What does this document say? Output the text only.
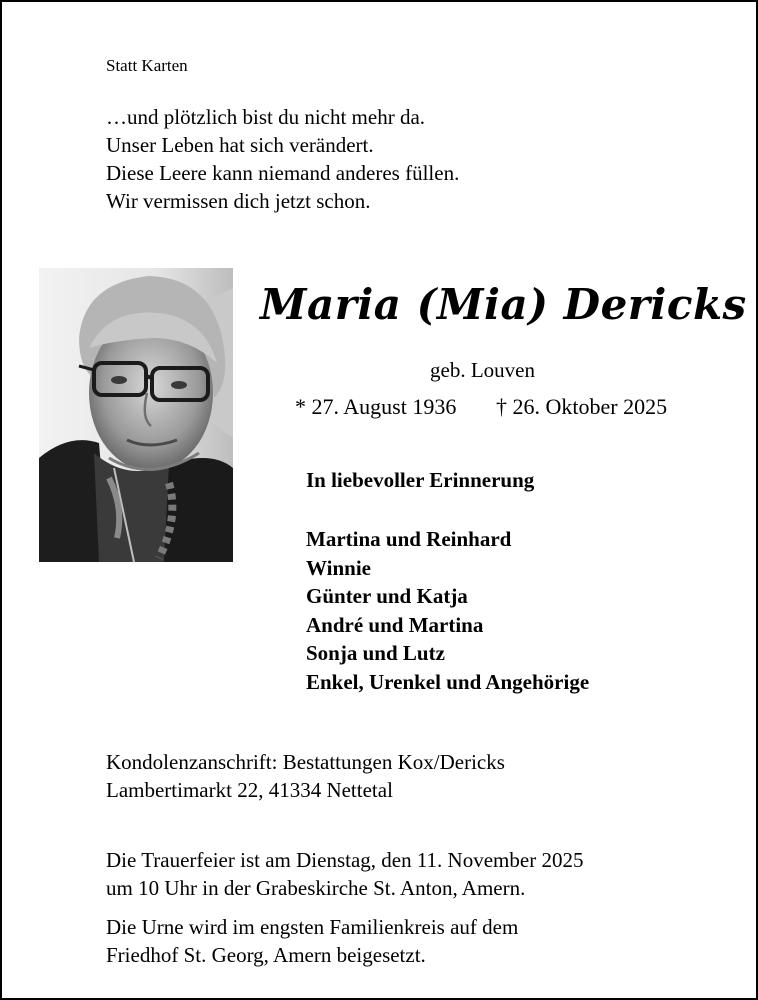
Statt Karten
…und plötzlich bist du nicht mehr da.
Unser Leben hat sich verändert.
Diese Leere kann niemand anderes füllen.
Wir vermissen dich jetzt schon.
Maria (Mia) Dericks
geb. Louven
* 27. August 1936 † 26. Oktober 2025
In liebevoller Erinnerung
Martina und Reinhard
Winnie
Günter und Katja
André und Martina
Sonja und Lutz
Enkel, Urenkel und Angehörige
Kondolenzanschrift: Bestattungen Kox/Dericks
Lambertimarkt 22, 41334 Nettetal
Die Trauerfeier ist am Dienstag, den 11. November 2025
um 10 Uhr in der Grabeskirche St. Anton, Amern.
Die Urne wird im engsten Familienkreis auf dem
Friedhof St. Georg, Amern beigesetzt.
